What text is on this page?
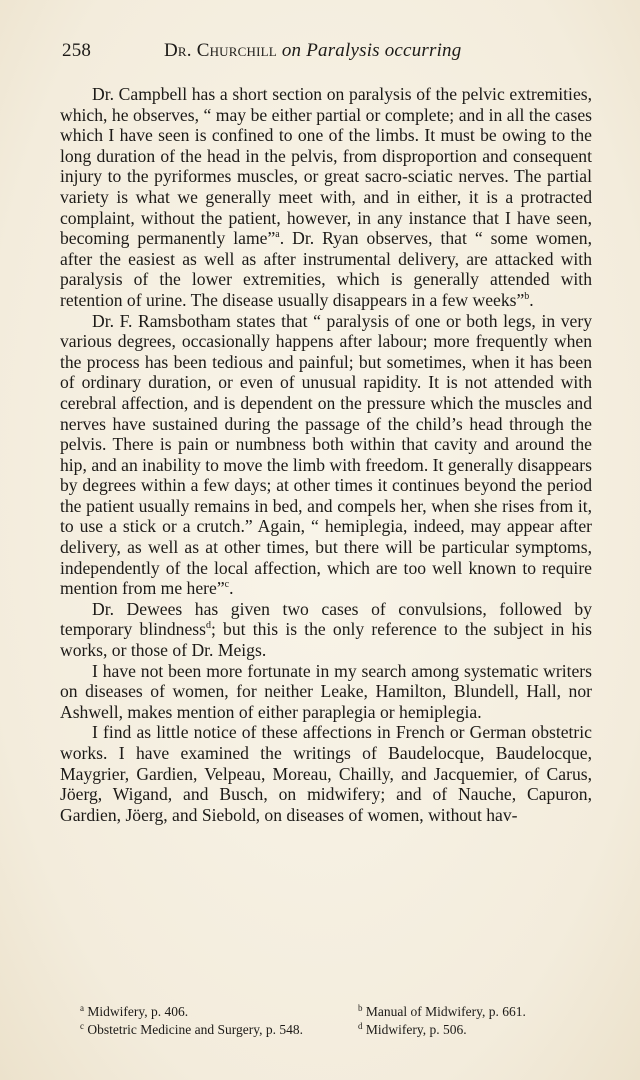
258	Dr. Churchill on Paralysis occurring

Dr. Campbell has a short section on paralysis of the pelvic extremities, which, he observes, “ may be either partial or complete; and in all the cases which I have seen is confined to one of the limbs. It must be owing to the long duration of the head in the pelvis, from disproportion and consequent injury to the pyriformes muscles, or great sacro-sciatic nerves. The partial variety is what we generally meet with, and in either, it is a protracted complaint, without the patient, however, in any instance that I have seen, becoming permanently lame”$^a$. Dr. Ryan observes, that “ some women, after the easiest as well as after instrumental delivery, are attacked with paralysis of the lower extremities, which is generally attended with retention of urine. The disease usually disappears in a few weeks”$^b$.

Dr. F. Ramsbotham states that “ paralysis of one or both legs, in very various degrees, occasionally happens after labour; more frequently when the process has been tedious and painful; but sometimes, when it has been of ordinary duration, or even of unusual rapidity. It is not attended with cerebral affection, and is dependent on the pressure which the muscles and nerves have sustained during the passage of the child’s head through the pelvis. There is pain or numbness both within that cavity and around the hip, and an inability to move the limb with freedom. It generally disappears by degrees within a few days; at other times it continues beyond the period the patient usually remains in bed, and compels her, when she rises from it, to use a stick or a crutch.” Again, “ hemiplegia, indeed, may appear after delivery, as well as at other times, but there will be particular symptoms, independently of the local affection, which are too well known to require mention from me here”$^c$.

Dr. Dewees has given two cases of convulsions, followed by temporary blindness$^d$; but this is the only reference to the subject in his works, or those of Dr. Meigs.

I have not been more fortunate in my search among systematic writers on diseases of women, for neither Leake, Hamilton, Blundell, Hall, nor Ashwell, makes mention of either paraplegia or hemiplegia.

I find as little notice of these affections in French or German obstetric works. I have examined the writings of Baudelocque, Baudelocque, Maygrier, Gardien, Velpeau, Moreau, Chailly, and Jacquemier, of Carus, Jöerg, Wigand, and Busch, on midwifery; and of Nauche, Capuron, Gardien, Jöerg, and Siebold, on diseases of women, without hav-

$^a$ Midwifery, p. 406.	$^b$ Manual of Midwifery, p. 661.
$^c$ Obstetric Medicine and Surgery, p. 548.	$^d$ Midwifery, p. 506.
